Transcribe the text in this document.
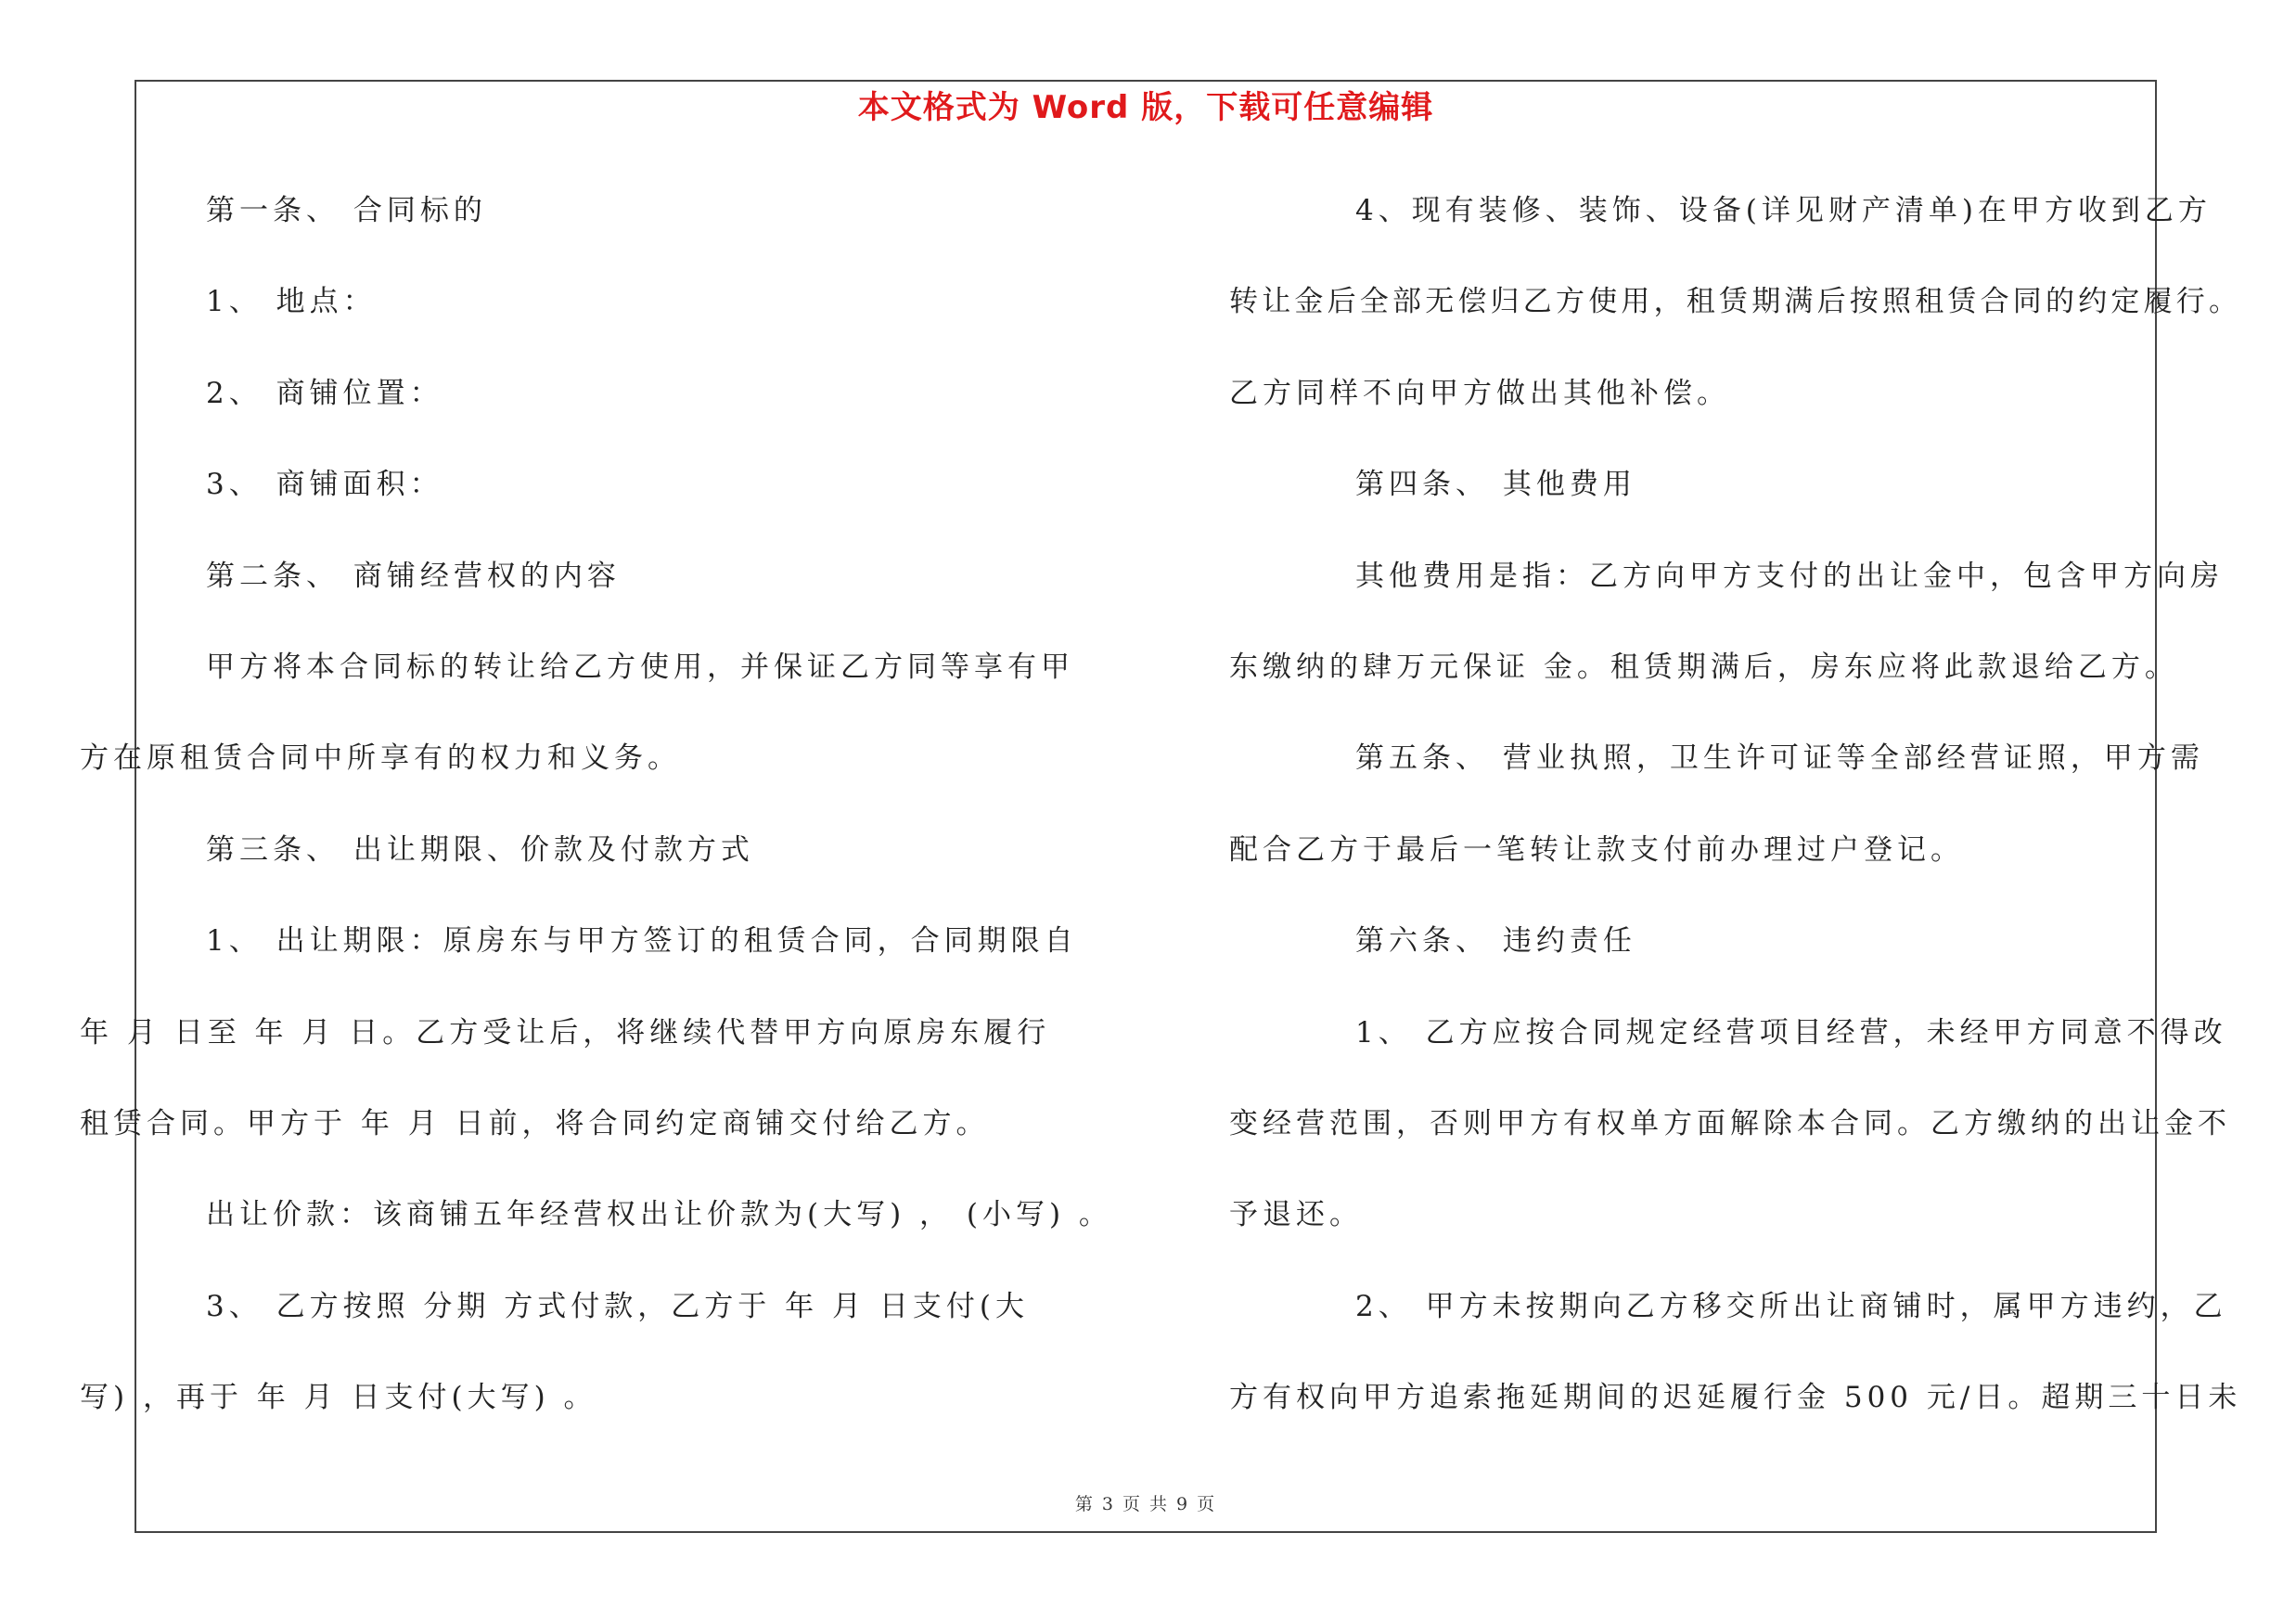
本文格式为 Word 版，下载可任意编辑
第一条、 合同标的
1、 地点：
2、 商铺位置：
3、 商铺面积：
第二条、 商铺经营权的内容
甲方将本合同标的转让给乙方使用，并保证乙方同等享有甲
方在原租赁合同中所享有的权力和义务。
第三条、 出让期限、价款及付款方式
1、 出让期限：原房东与甲方签订的租赁合同，合同期限自
年 月 日至 年 月 日。乙方受让后，将继续代替甲方向原房东履行
租赁合同。甲方于 年 月 日前，将合同约定商铺交付给乙方。
出让价款：该商铺五年经营权出让价款为(大写) ， (小写) 。
3、 乙方按照 分期 方式付款，乙方于 年 月 日支付(大
写) ，再于 年 月 日支付(大写) 。
4、现有装修、装饰、设备(详见财产清单)在甲方收到乙方
转让金后全部无偿归乙方使用，租赁期满后按照租赁合同的约定履行。
乙方同样不向甲方做出其他补偿。
第四条、 其他费用
其他费用是指：乙方向甲方支付的出让金中，包含甲方向房
东缴纳的肆万元保证 金。租赁期满后，房东应将此款退给乙方。
第五条、 营业执照，卫生许可证等全部经营证照，甲方需
配合乙方于最后一笔转让款支付前办理过户登记。
第六条、 违约责任
1、 乙方应按合同规定经营项目经营，未经甲方同意不得改
变经营范围，否则甲方有权单方面解除本合同。乙方缴纳的出让金不
予退还。
2、 甲方未按期向乙方移交所出让商铺时，属甲方违约，乙
方有权向甲方追索拖延期间的迟延履行金 500 元/日。超期三十日未
第 3 页 共 9 页
